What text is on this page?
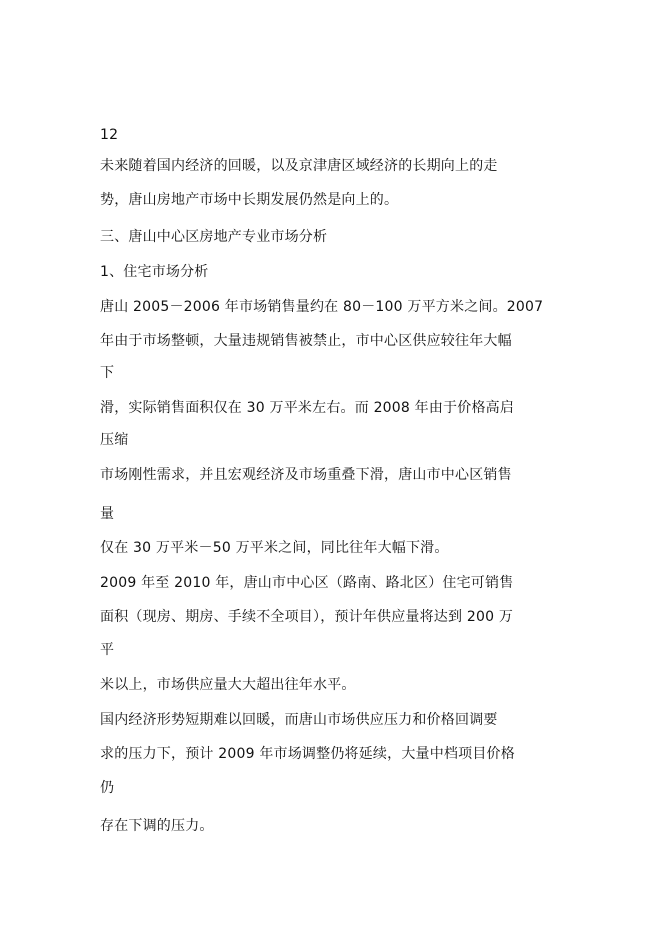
12
未来随着国内经济的回暖，以及京津唐区域经济的长期向上的走
势，唐山房地产市场中长期发展仍然是向上的。
三、唐山中心区房地产专业市场分析
1、住宅市场分析
唐山 2005－2006 年市场销售量约在 80－100 万平方米之间。2007
年由于市场整顿，大量违规销售被禁止，市中心区供应较往年大幅
下
滑，实际销售面积仅在 30 万平米左右。而 2008 年由于价格高启
压缩
市场刚性需求，并且宏观经济及市场重叠下滑，唐山市中心区销售
量
仅在 30 万平米－50 万平米之间，同比往年大幅下滑。
2009 年至 2010 年，唐山市中心区（路南、路北区）住宅可销售
面积（现房、期房、手续不全项目），预计年供应量将达到 200 万
平
米以上，市场供应量大大超出往年水平。
国内经济形势短期难以回暖，而唐山市场供应压力和价格回调要
求的压力下，预计 2009 年市场调整仍将延续，大量中档项目价格
仍
存在下调的压力。
